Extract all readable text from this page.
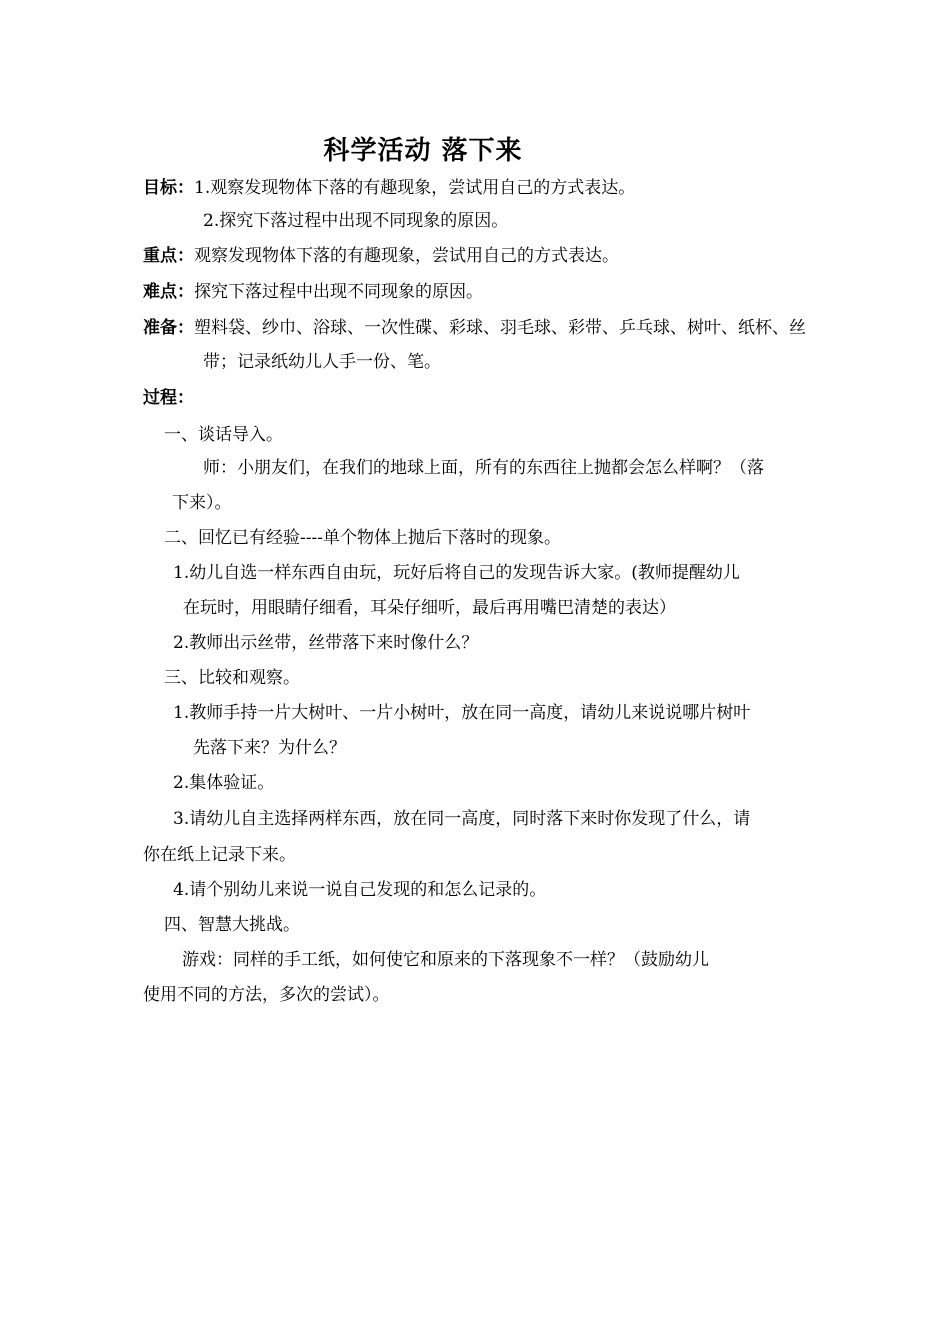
科学活动 落下来
目标：1.观察发现物体下落的有趣现象，尝试用自己的方式表达。
2.探究下落过程中出现不同现象的原因。
重点：观察发现物体下落的有趣现象，尝试用自己的方式表达。
难点：探究下落过程中出现不同现象的原因。
准备：塑料袋、纱巾、浴球、一次性碟、彩球、羽毛球、彩带、乒乓球、树叶、纸杯、丝
带；记录纸幼儿人手一份、笔。
过程：
一、谈话导入。
师：小朋友们，在我们的地球上面，所有的东西往上抛都会怎么样啊？（落
下来）。
二、回忆已有经验----单个物体上抛后下落时的现象。
1.幼儿自选一样东西自由玩，玩好后将自己的发现告诉大家。(教师提醒幼儿
在玩时，用眼睛仔细看，耳朵仔细听，最后再用嘴巴清楚的表达）
2.教师出示丝带，丝带落下来时像什么？
三、比较和观察。
1.教师手持一片大树叶、一片小树叶，放在同一高度，请幼儿来说说哪片树叶
先落下来？为什么？
2.集体验证。
3.请幼儿自主选择两样东西，放在同一高度，同时落下来时你发现了什么，请
你在纸上记录下来。
4.请个别幼儿来说一说自己发现的和怎么记录的。
四、智慧大挑战。
游戏：同样的手工纸，如何使它和原来的下落现象不一样？（鼓励幼儿
使用不同的方法，多次的尝试）。
